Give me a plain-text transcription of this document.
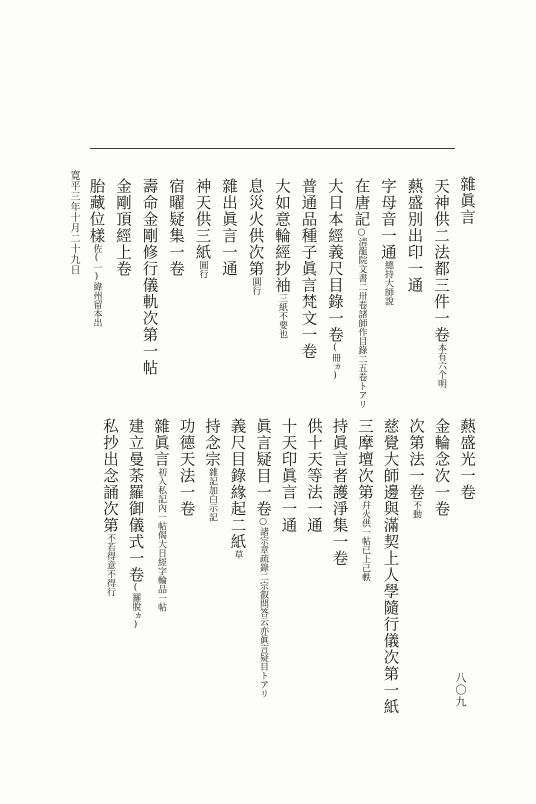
雜眞言
天神供二法都三件一卷本有六个明
爇盛別出印一通
字母音一通總持大師說
在唐記○淸龍院文書二卅卷諸師作目錄二五卷トアリ
大日本經義尺目錄一卷(冊ヵ)
普通品種子眞言梵文一卷
大如意輪經抄袖三紙不要也
息災火供次第圓行
雜出眞言一通
神天供三紙圓行
宿曜疑集一卷
壽命金剛修行儀軌次第一帖
金剛頂經上卷
胎藏位樣佐(一)緯州留本出
爇盛光一卷
金輪念次一卷
次第法一卷不動
慈覺大師邊與滿契上人學隨行儀次第一紙
三摩壇次第幷火供一帖已上己軼
持眞言者護淨集一卷
供十天等法一通
十天印眞言一通
眞言疑目一卷○諸宗章疏錄二宗叡問答云亦眞言疑目トアリ
義尺目錄緣起二紙草
持念宗雜記加白示記
功德天法一卷
雜眞言初入私記內一帖偈大日經字輪品一帖
建立曼荼羅御儀式一卷(羅脫ヵ)
私抄出念誦次第不若得意不得行
寛平三年十月二十九日
八〇九
